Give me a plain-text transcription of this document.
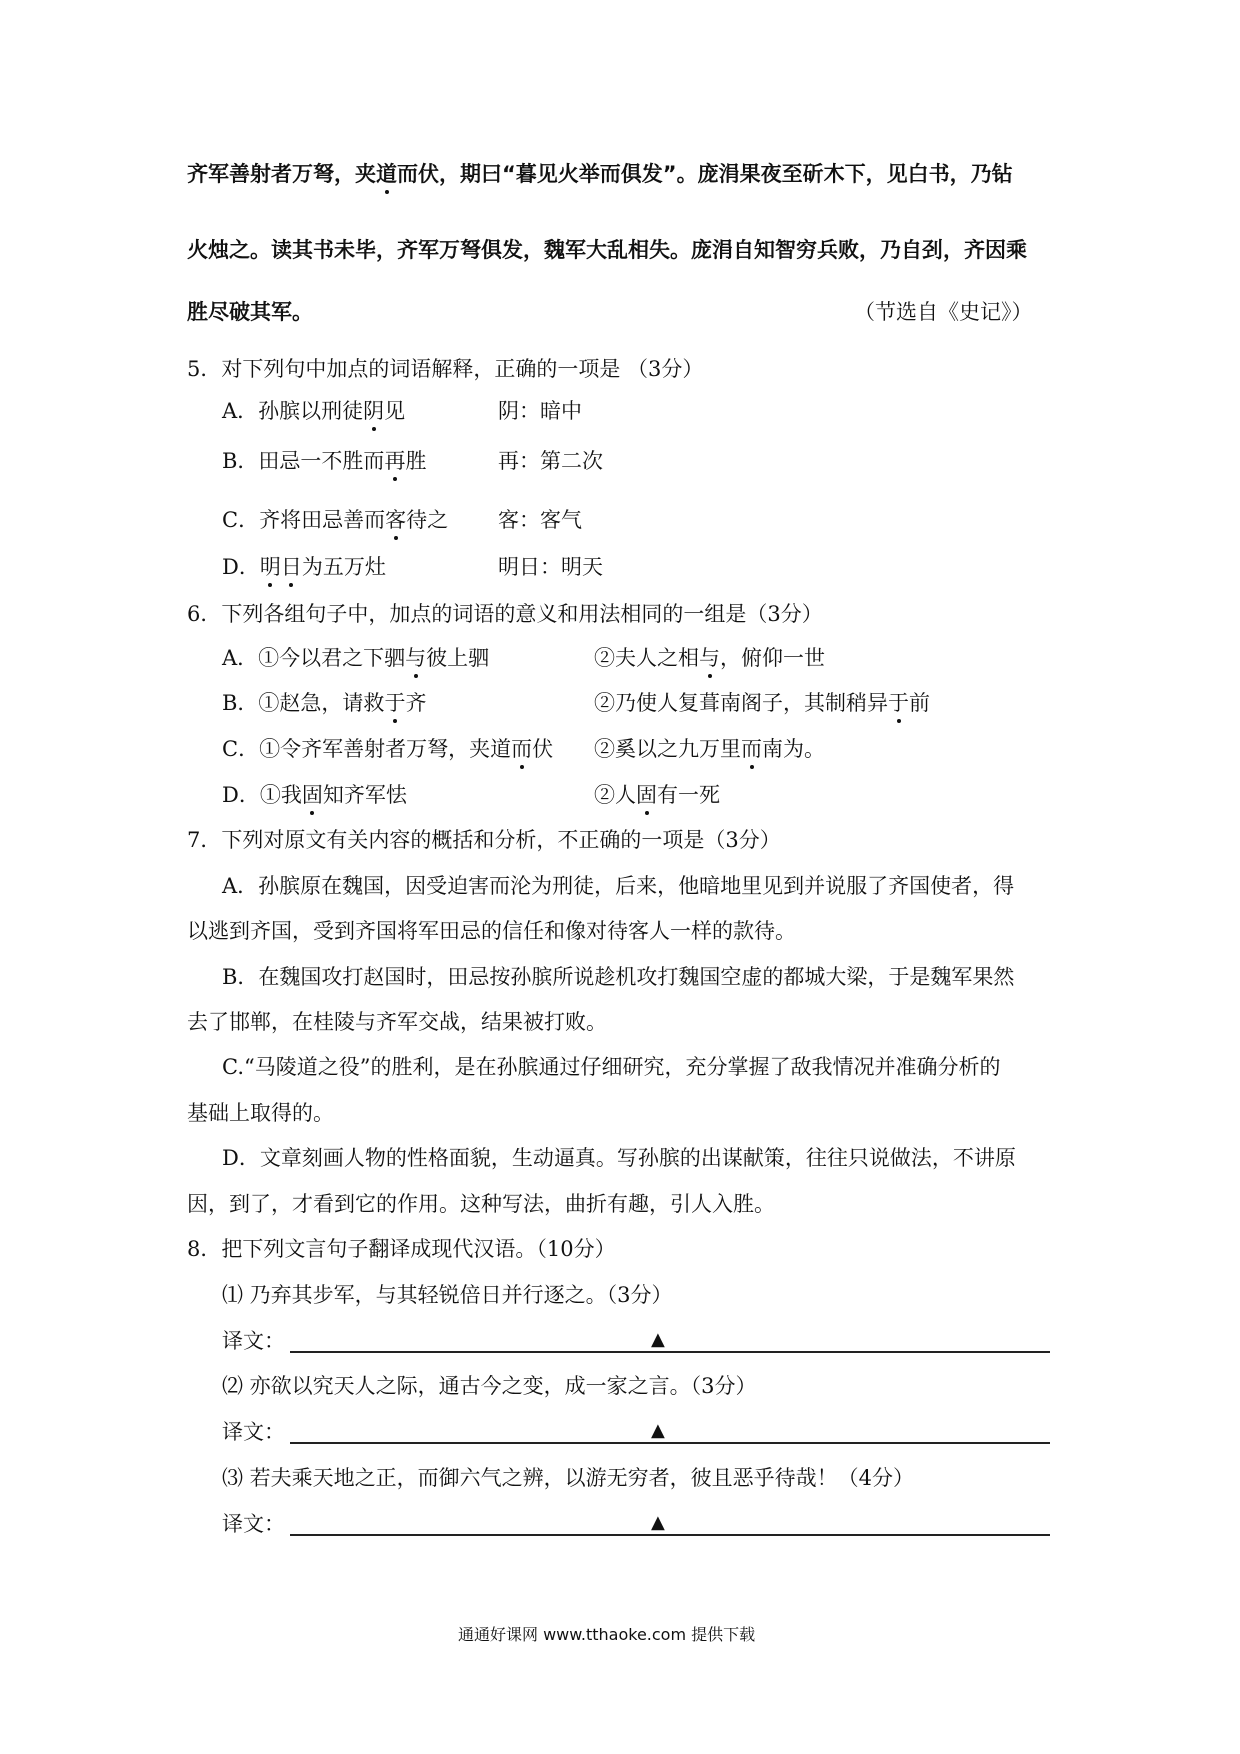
齐军善射者万弩，夹道而伏，期曰“暮见火举而俱发”。庞涓果夜至斫木下，见白书，乃钻
火烛之。读其书未毕，齐军万弩俱发，魏军大乱相失。庞涓自知智穷兵败，乃自刭，齐因乘
胜尽破其军。	（节选自《史记》）
5．对下列句中加点的词语解释，正确的一项是 （3分）
A．孙膑以刑徒阴见	阴：暗中
B．田忌一不胜而再胜	再：第二次
C．齐将田忌善而客待之 客：客气
D．明日为五万灶	明日：明天
6．下列各组句子中，加点的词语的意义和用法相同的一组是（3分）
A．①今以君之下驷与彼上驷	②夫人之相与，俯仰一世
B．①赵急，请救于齐	②乃使人复葺南阁子，其制稍异于前
C．①令齐军善射者万弩，夹道而伏 ②奚以之九万里而南为。
D．①我固知齐军怯	②人固有一死
7．下列对原文有关内容的概括和分析，不正确的一项是（3分）
A．孙膑原在魏国，因受迫害而沦为刑徒，后来，他暗地里见到并说服了齐国使者，得
以逃到齐国，受到齐国将军田忌的信任和像对待客人一样的款待。
B．在魏国攻打赵国时，田忌按孙膑所说趁机攻打魏国空虚的都城大梁，于是魏军果然
去了邯郸，在桂陵与齐军交战，结果被打败。
C.“马陵道之役”的胜利，是在孙膑通过仔细研究，充分掌握了敌我情况并准确分析的
基础上取得的。
D．文章刻画人物的性格面貌，生动逼真。写孙膑的出谋献策，往往只说做法，不讲原
因，到了，才看到它的作用。这种写法，曲折有趣，引人入胜。
8．把下列文言句子翻译成现代汉语。（10分）
⑴ 乃弃其步军，与其轻锐倍日并行逐之。（3分）
译文：	▲
⑵ 亦欲以究天人之际，通古今之变，成一家之言。（3分）
译文：	▲
⑶ 若夫乘天地之正，而御六气之辨，以游无穷者，彼且恶乎待哉！（4分）
译文：	▲
通通好课网 www.tthaoke.com 提供下载
